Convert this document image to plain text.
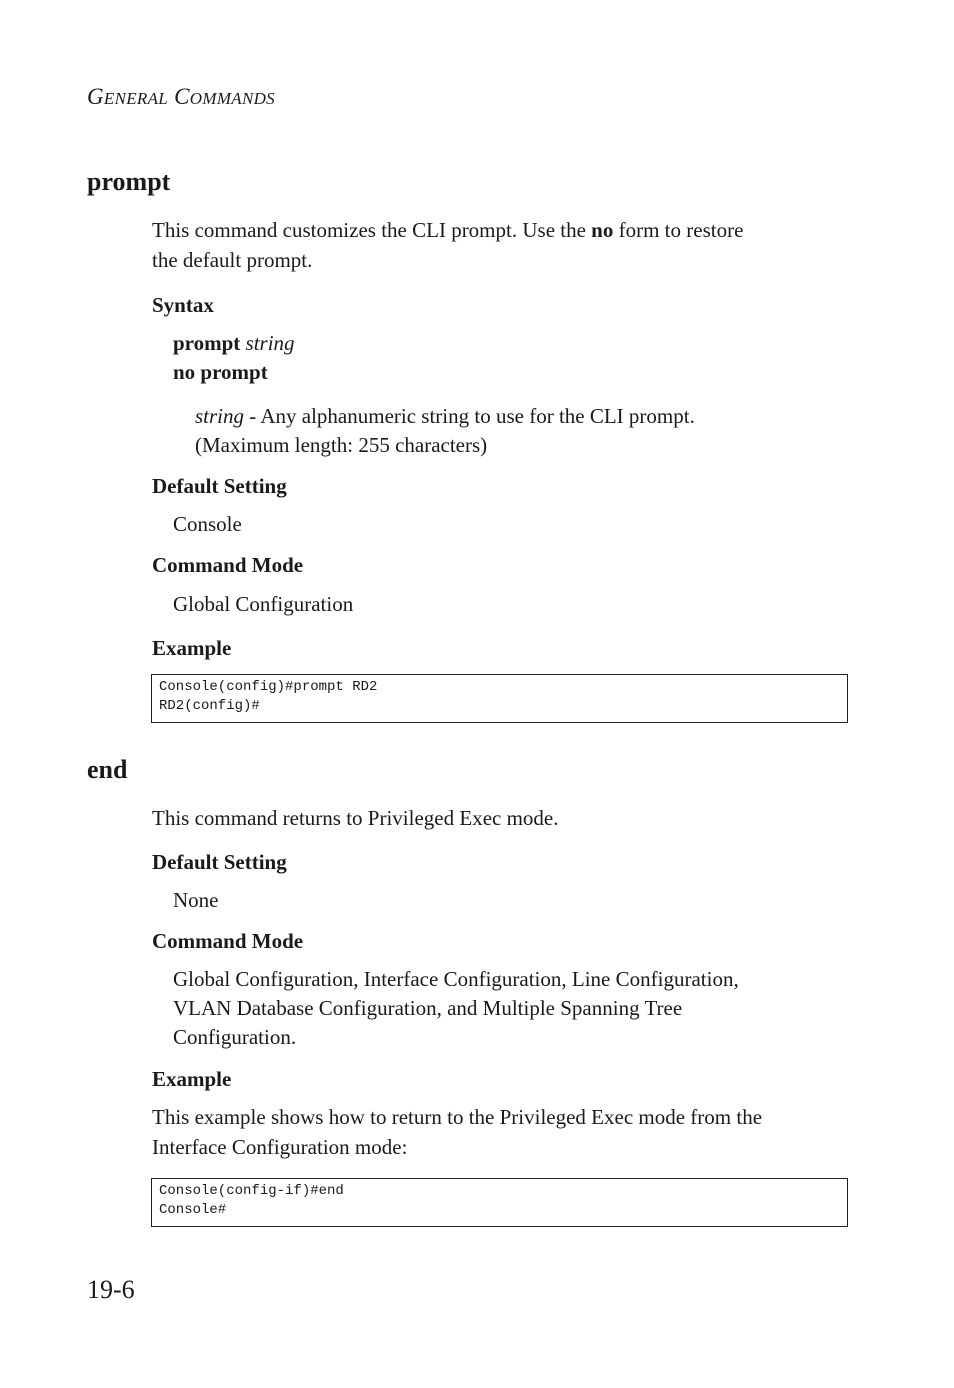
GENERAL COMMANDS
prompt
This command customizes the CLI prompt. Use the no form to restore
the default prompt.
Syntax
prompt string
no prompt
string - Any alphanumeric string to use for the CLI prompt.
(Maximum length: 255 characters)
Default Setting
Console
Command Mode
Global Configuration
Example
Console(config)#prompt RD2
RD2(config)#
end
This command returns to Privileged Exec mode.
Default Setting
None
Command Mode
Global Configuration, Interface Configuration, Line Configuration,
VLAN Database Configuration, and Multiple Spanning Tree
Configuration.
Example
This example shows how to return to the Privileged Exec mode from the
Interface Configuration mode:
Console(config-if)#end
Console#
19-6
